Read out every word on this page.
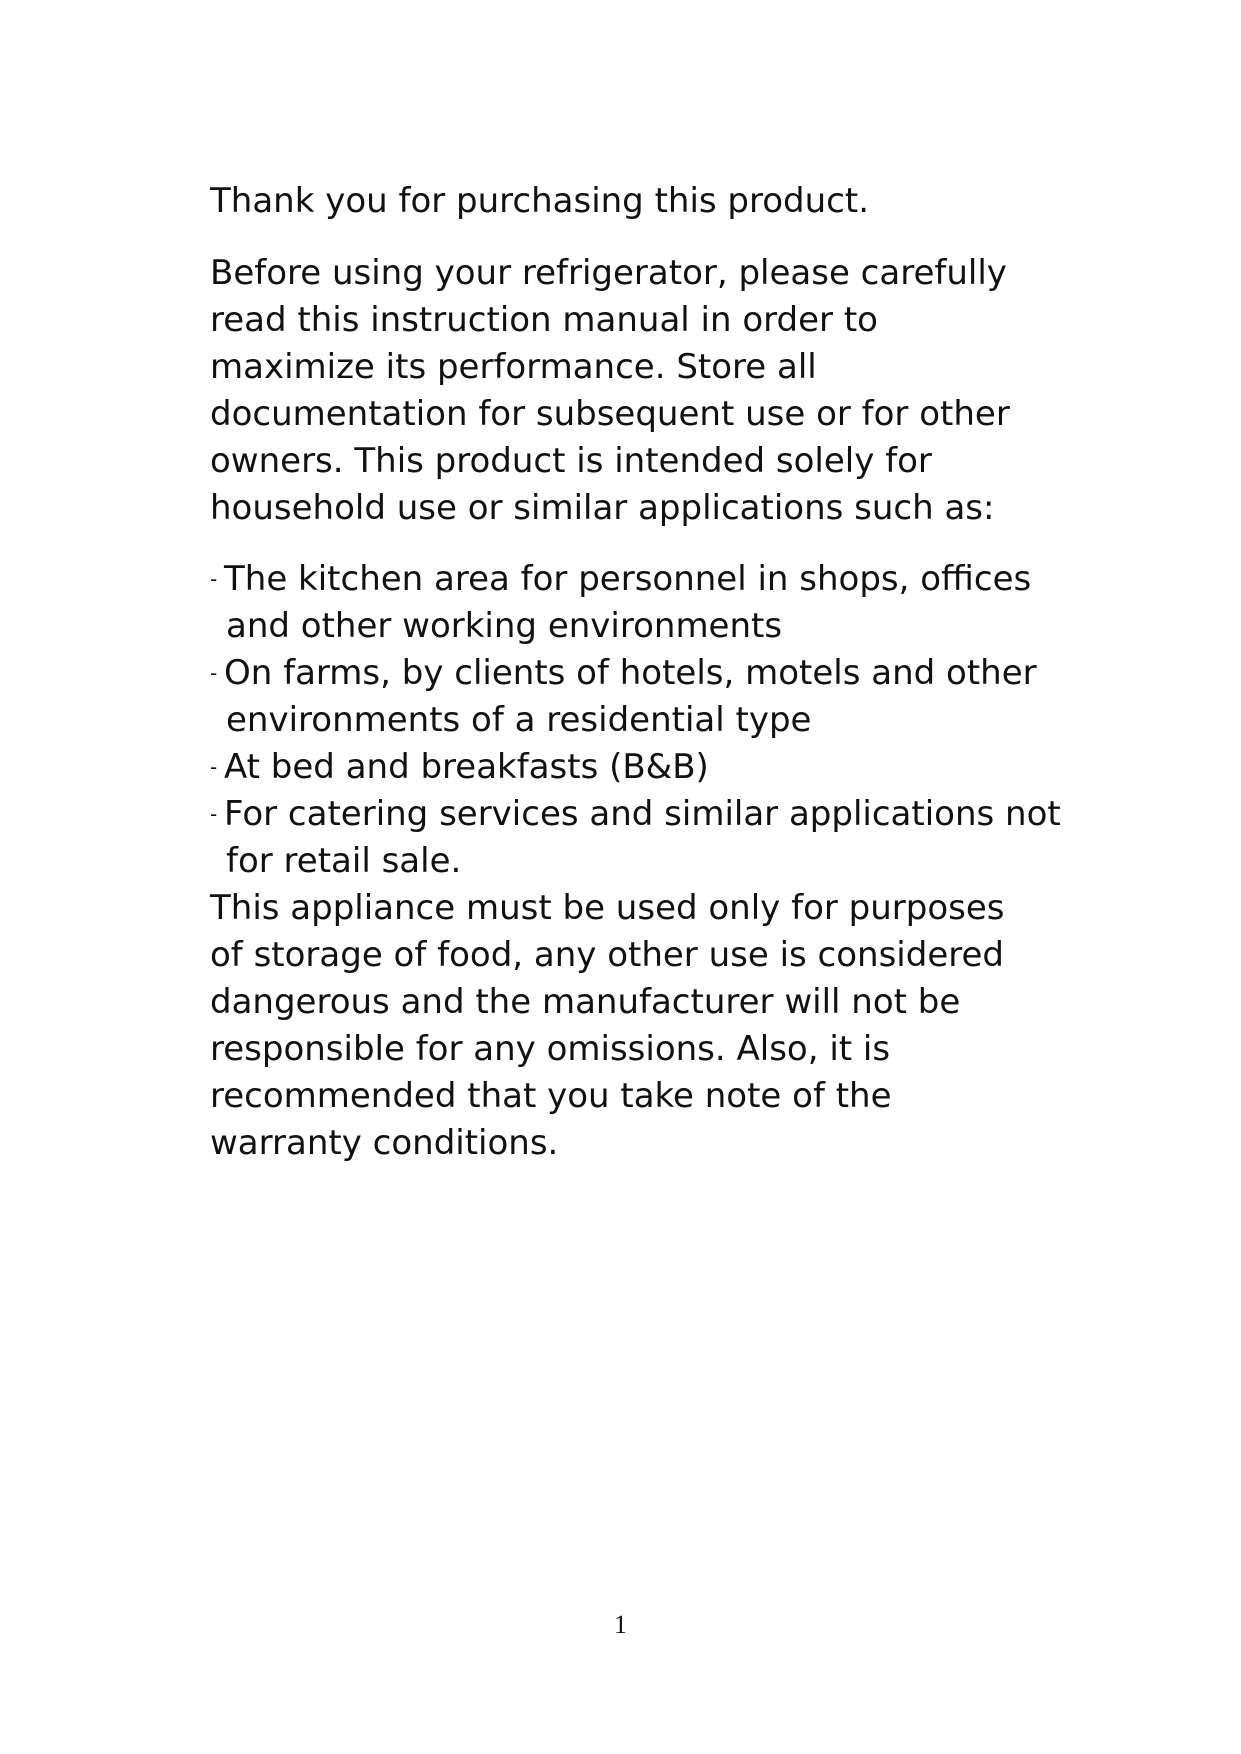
Thank you for purchasing this product.

Before using your refrigerator, please carefully
read this instruction manual in order to
maximize its performance. Store all
documentation for subsequent use or for other
owners. This product is intended solely for
household use or similar applications such as:

- The kitchen area for personnel in shops, offices
and other working environments
- On farms, by clients of hotels, motels and other
environments of a residential type
- At bed and breakfasts (B&B)
- For catering services and similar applications not
for retail sale.

This appliance must be used only for purposes
of storage of food, any other use is considered
dangerous and the manufacturer will not be
responsible for any omissions. Also, it is
recommended that you take note of the
warranty conditions.

1
